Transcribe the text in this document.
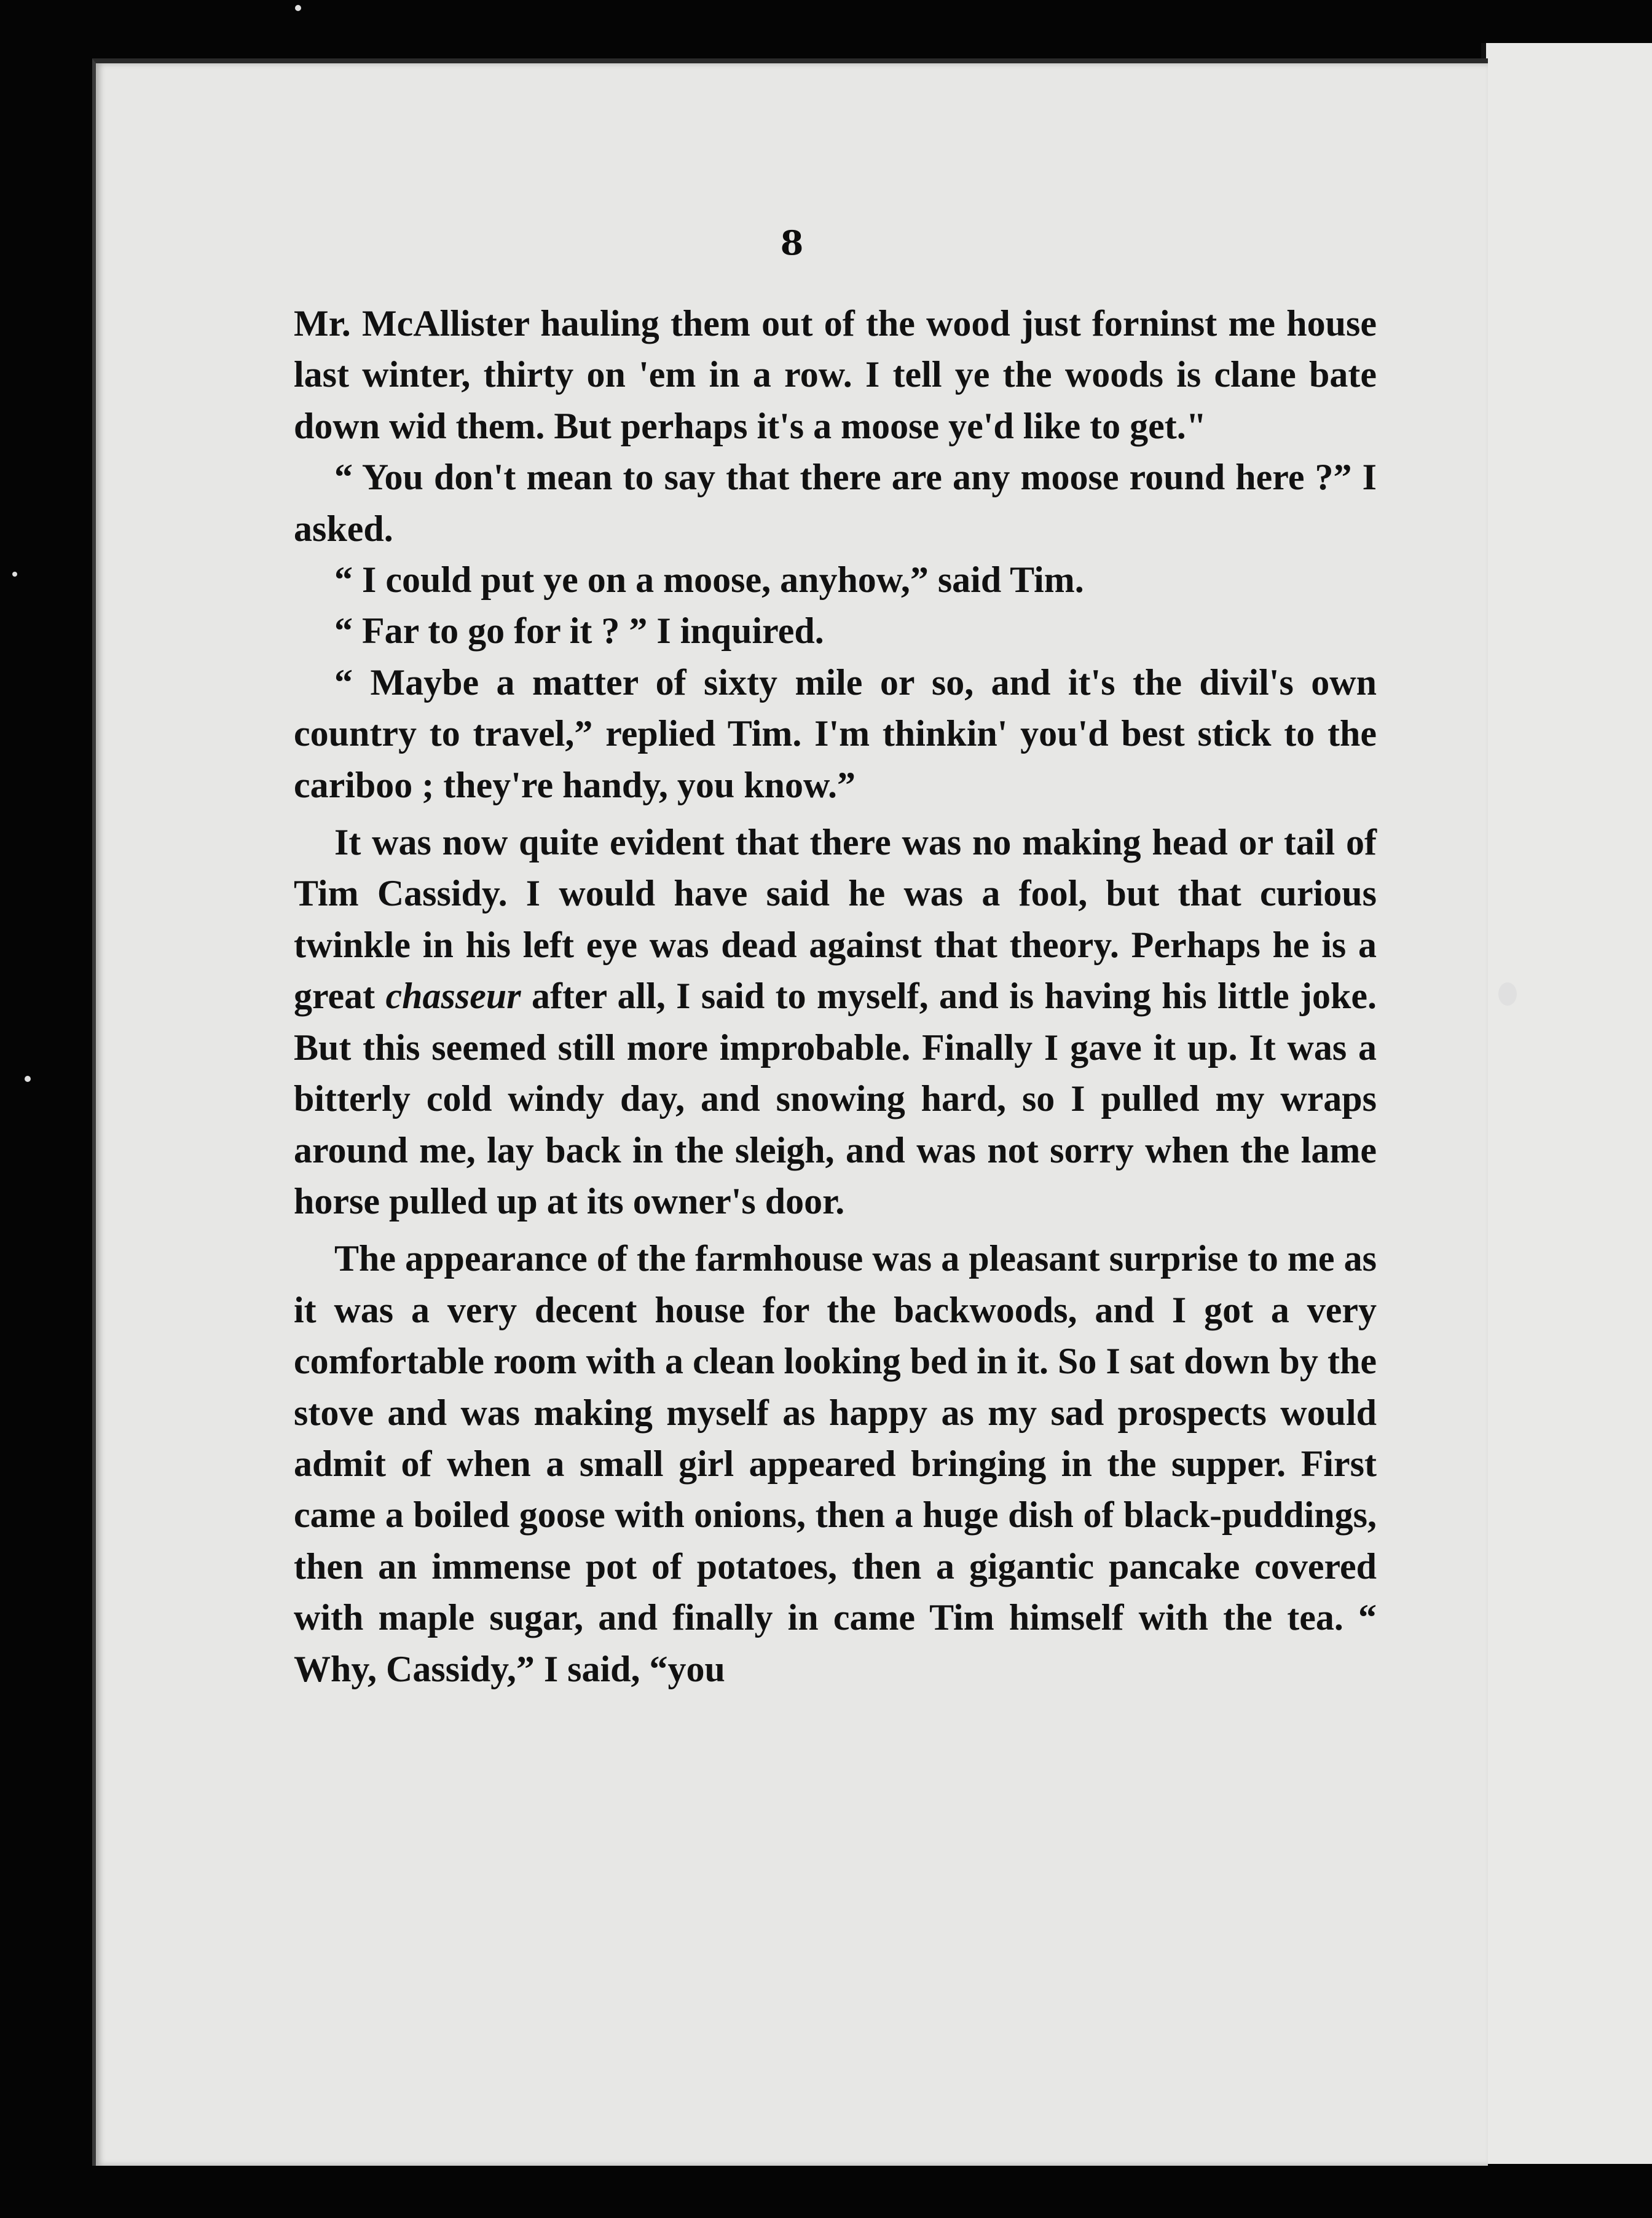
8

Mr. McAllister hauling them out of the wood just forninst me house last winter, thirty on 'em in a row. I tell ye the woods is clane bate down wid them. But perhaps it's a moose ye'd like to get."

“ You don't mean to say that there are any moose round here ?” I asked.

“ I could put ye on a moose, anyhow,” said Tim.

“ Far to go for it ? ” I inquired.

“ Maybe a matter of sixty mile or so, and it's the divil's own country to travel,” replied Tim. I'm thinkin' you'd best stick to the cariboo ; they're handy, you know.”

It was now quite evident that there was no making head or tail of Tim Cassidy. I would have said he was a fool, but that curious twinkle in his left eye was dead against that theory. Perhaps he is a great chasseur after all, I said to myself, and is having his little joke. But this seemed still more improbable. Finally I gave it up. It was a bitterly cold windy day, and snowing hard, so I pulled my wraps around me, lay back in the sleigh, and was not sorry when the lame horse pulled up at its owner's door.

The appearance of the farmhouse was a pleasant surprise to me as it was a very decent house for the backwoods, and I got a very comfortable room with a clean looking bed in it. So I sat down by the stove and was making myself as happy as my sad prospects would admit of when a small girl appeared bringing in the supper. First came a boiled goose with onions, then a huge dish of black-puddings, then an immense pot of potatoes, then a gigantic pancake covered with maple sugar, and finally in came Tim himself with the tea. “ Why, Cassidy,” I said, “you
